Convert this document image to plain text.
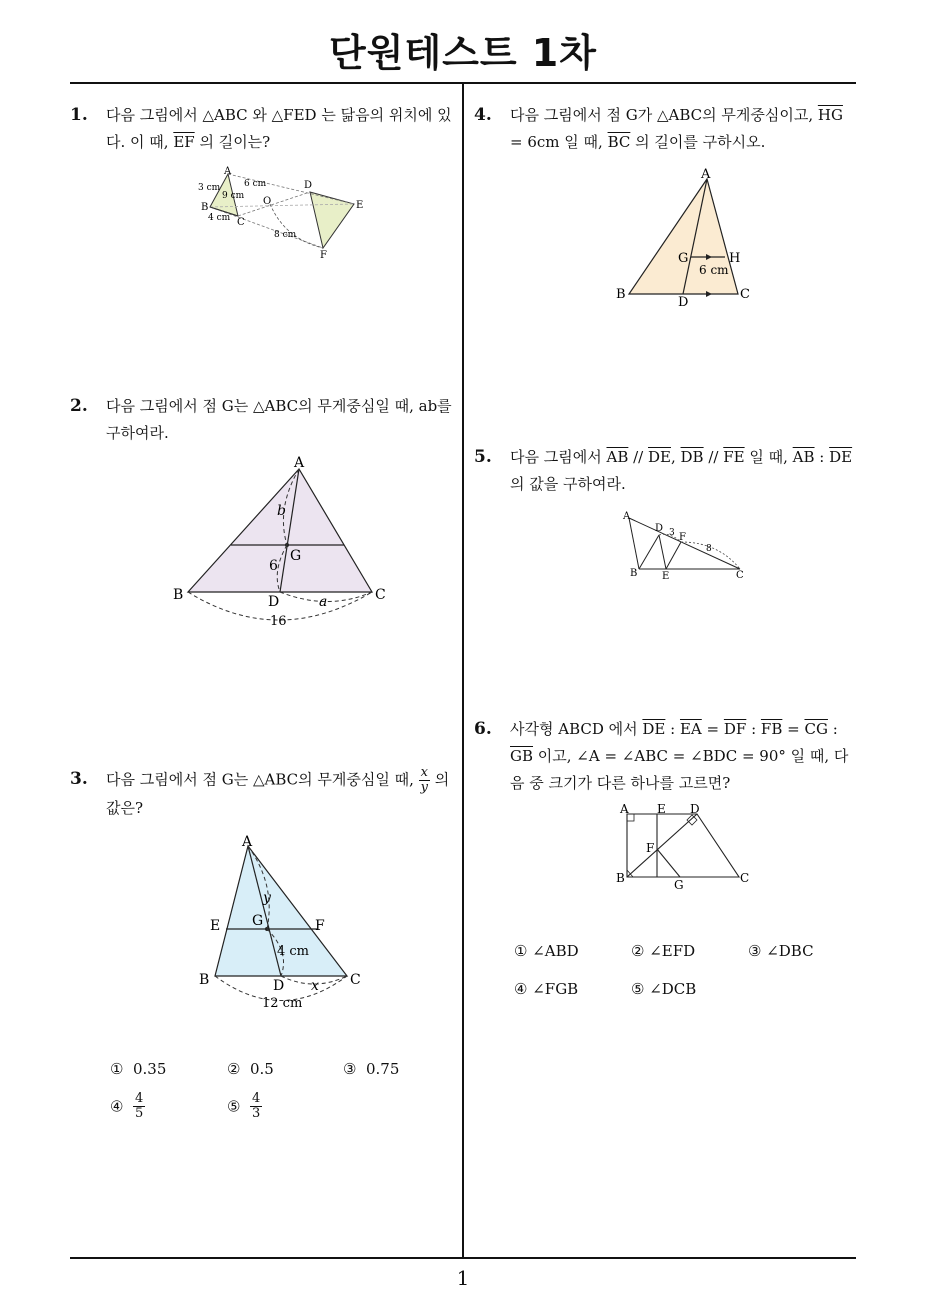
단원테스트 1차
1
1. 다음 그림에서 △ABC 와 △FED 는 닮음의 위치에 있다. 이 때, $\overline{EF}$ 의 길이는?
A
B
C
O
D
E
F
3 cm	6 cm
9 cm
4 cm
8 cm
2. 다음 그림에서 점 G는 △ABC의 무게중심일 때, ab를 구하여라.
A
B	C
D
G
b
6
a
16
3. 다음 그림에서 점 G는 △ABC의 무게중심일 때, $\frac{x}{y}$ 의 값은?
A
E	F
G
B	C
D
y
4 cm
x
12 cm
① 0.35	② 0.5	③ 0.75
④ $\frac{4}{5}$	⑤ $\frac{4}{3}$
4. 다음 그림에서 점 G가 △ABC의 무게중심이고, $\overline{HG} = 6cm$ 일 때, $\overline{BC}$ 의 길이를 구하시오.
A
G	H
6 cm
B	C
D
5. 다음 그림에서 $\overline{AB} // \overline{DE}$, $\overline{DB} // \overline{FE}$ 일 때, $\overline{AB}$ : $\overline{DE}$ 의 값을 구하여라.
A
D 3 F
8
B E	C
6. 사각형 ABCD 에서 $\overline{DE}$ : $\overline{EA} = \overline{DF}$ : $\overline{FB} = \overline{CG}$ : $\overline{GB}$ 이고, ∠A = ∠ABC = ∠BDC = 90° 일 때, 다음 중 크기가 다른 하나를 고르면?
A E D
F
B	G	C
① ∠ABD	② ∠EFD	③ ∠DBC
④ ∠FGB	⑤ ∠DCB
